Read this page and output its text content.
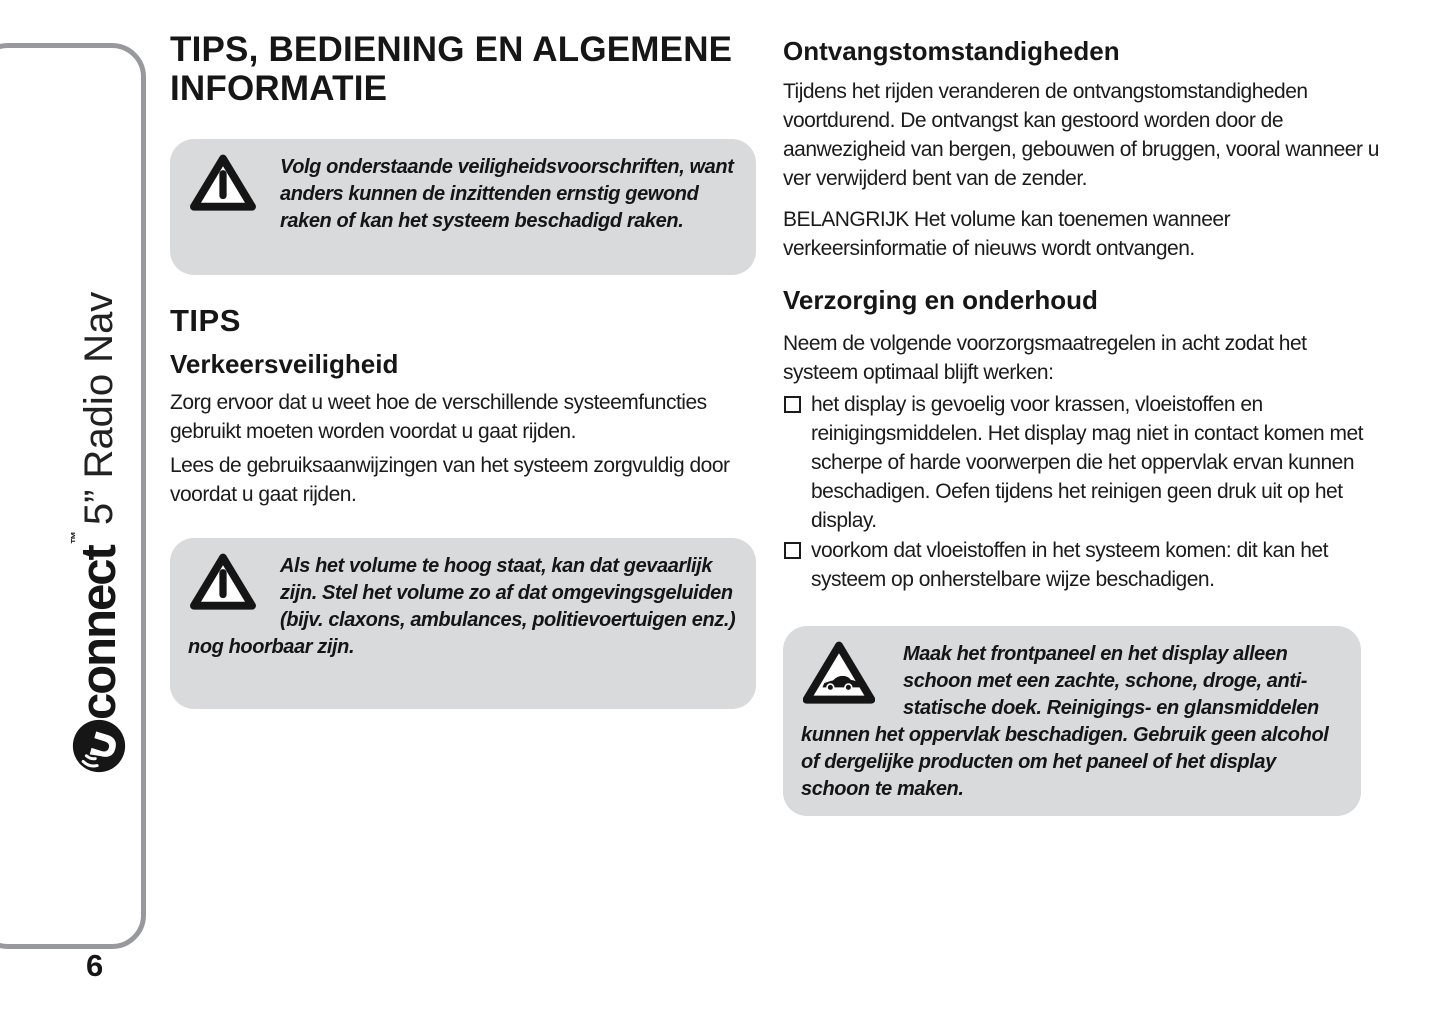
connect
™
5” Radio Nav
6
TIPS, BEDIENING EN ALGEMENE INFORMATIE
Volg onderstaande veiligheidsvoorschriften, want anders kunnen de inzittenden ernstig gewond raken of kan het systeem beschadigd raken.
TIPS
Verkeersveiligheid

Zorg ervoor dat u weet hoe de verschillende systeemfuncties gebruikt moeten worden voordat u gaat rijden.

Lees de gebruiksaanwijzingen van het systeem zorgvuldig door voordat u gaat rijden.

Als het volume te hoog staat, kan dat gevaarlijk zijn. Stel het volume zo af dat omgevingsgeluiden (bijv. claxons, ambulances, politievoertuigen enz.) nog hoorbaar zijn.
Ontvangstomstandigheden

Tijdens het rijden veranderen de ontvangstomstandigheden voortdurend. De ontvangst kan gestoord worden door de aanwezigheid van bergen, gebouwen of bruggen, vooral wanneer u ver verwijderd bent van de zender.

BELANGRIJK Het volume kan toenemen wanneer verkeersinformatie of nieuws wordt ontvangen.

Verzorging en onderhoud

Neem de volgende voorzorgsmaatregelen in acht zodat het systeem optimaal blijft werken:

het display is gevoelig voor krassen, vloeistoffen en reinigingsmiddelen. Het display mag niet in contact komen met scherpe of harde voorwerpen die het oppervlak ervan kunnen beschadigen. Oefen tijdens het reinigen geen druk uit op het display.
voorkom dat vloeistoffen in het systeem komen: dit kan het systeem op onherstelbare wijze beschadigen.
Maak het frontpaneel en het display alleen schoon met een zachte, schone, droge, anti-statische doek. Reinigings- en glansmiddelen kunnen het oppervlak beschadigen. Gebruik geen alcohol of dergelijke producten om het paneel of het display schoon te maken.
